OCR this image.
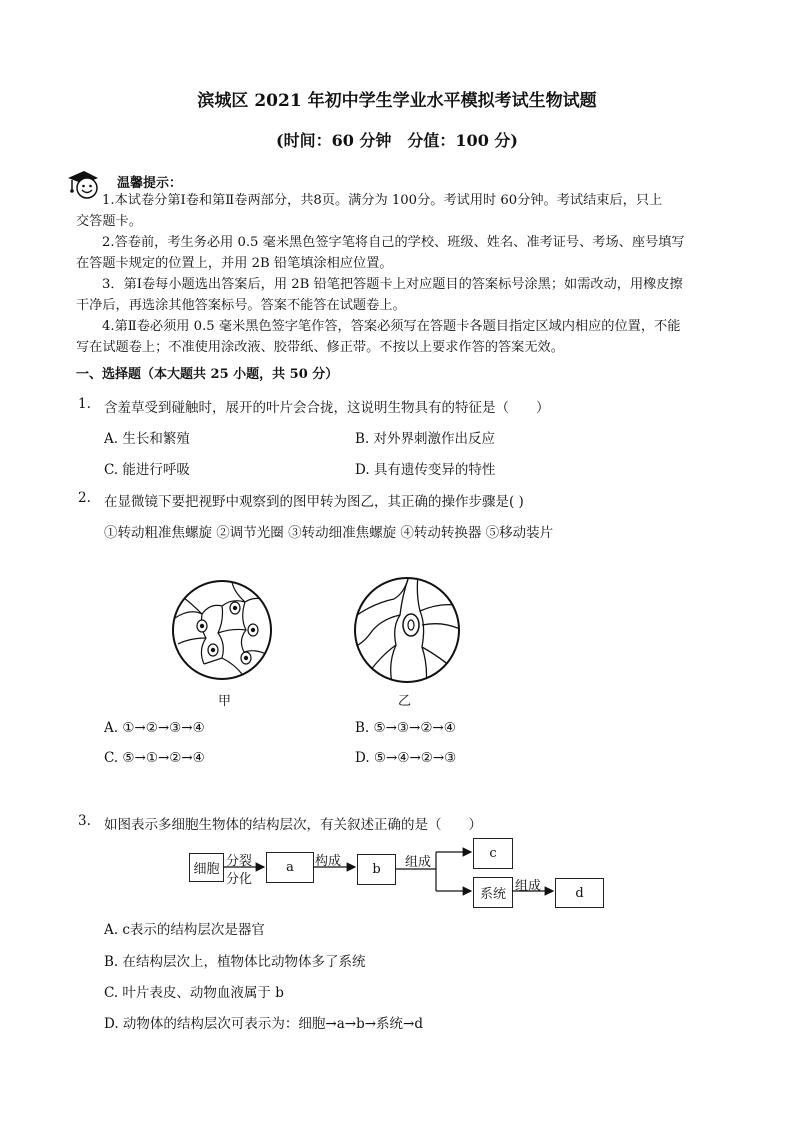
滨城区 2021 年初中学生学业水平模拟考试生物试题
(时间：60 分钟　分值：100 分)
温馨提示：
1.本试卷分第Ⅰ卷和第Ⅱ卷两部分，共8页。满分为 100分。考试用时 60分钟。考试结束后，只上
交答题卡。
2.答卷前，考生务必用 0.5 毫米黑色签字笔将自己的学校、班级、姓名、准考证号、考场、座号填写
在答题卡规定的位置上，并用 2B 铅笔填涂相应位置。
3．第Ⅰ卷每小题选出答案后，用 2B 铅笔把答题卡上对应题目的答案标号涂黑；如需改动，用橡皮擦
干净后，再选涂其他答案标号。答案不能答在试题卷上。
4.第Ⅱ卷必须用 0.5 毫米黑色签字笔作答，答案必须写在答题卡各题目指定区域内相应的位置，不能
写在试题卷上；不准使用涂改液、胶带纸、修正带。不按以上要求作答的答案无效。
一、选择题（本大题共 25 小题，共 50 分）
1. 含羞草受到碰触时，展开的叶片会合拢，这说明生物具有的特征是（　　）
A. 生长和繁殖	B. 对外界刺激作出反应
C. 能进行呼吸	D. 具有遗传变异的特性
2. 在显微镜下要把视野中观察到的图甲转为图乙，其正确的操作步骤是( )
①转动粗准焦螺旋 ②调节光圈 ③转动细准焦螺旋 ④转动转换器 ⑤移动装片
甲	乙
A. ①→②→③→④	B. ⑤→③→②→④
C. ⑤→①→②→④	D. ⑤→④→②→③
3. 如图表示多细胞生物体的结构层次，有关叙述正确的是（　　）
细胞
分裂
分化
a	构成
b	组成
c
系统
组成	d
A. c表示的结构层次是器官
B. 在结构层次上，植物体比动物体多了系统
C. 叶片表皮、动物血液属于 b
D. 动物体的结构层次可表示为：细胞→a→b→系统→d
